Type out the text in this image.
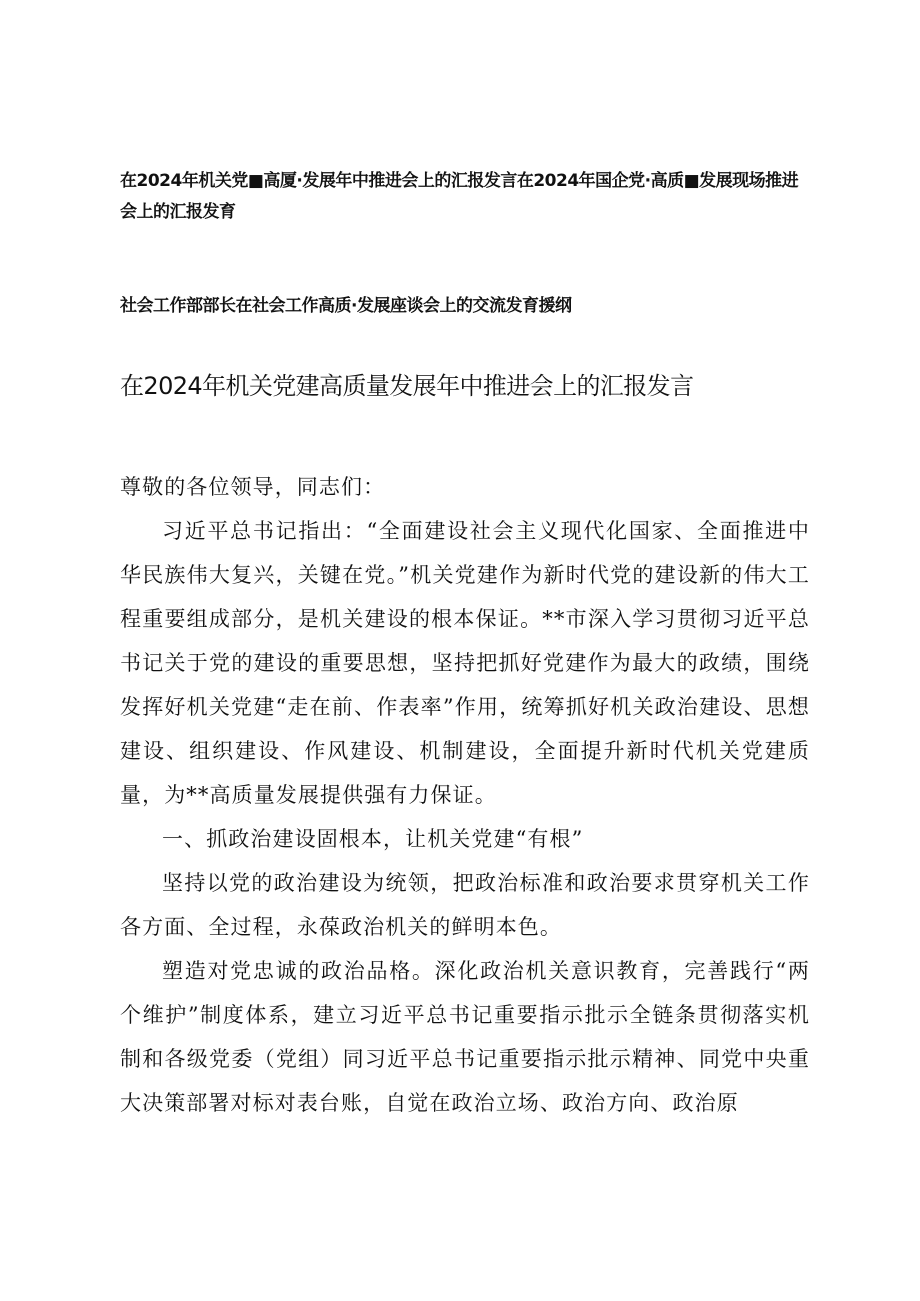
在2024年机关党■高厦·发展年中推进会上的汇报发言在2024年国企党·高质■发展现场推进会上的汇报发育

社会工作部部长在社会工作高质·发展座谈会上的交流发育援纲

在2024年机关党建高质量发展年中推进会上的汇报发言

尊敬的各位领导，同志们：

习近平总书记指出：“全面建设社会主义现代化国家、全面推进中华民族伟大复兴，关键在党。”机关党建作为新时代党的建设新的伟大工程重要组成部分，是机关建设的根本保证。**市深入学习贯彻习近平总书记关于党的建设的重要思想，坚持把抓好党建作为最大的政绩，围绕发挥好机关党建“走在前、作表率”作用，统筹抓好机关政治建设、思想建设、组织建设、作风建设、机制建设，全面提升新时代机关党建质量，为**高质量发展提供强有力保证。

一、抓政治建设固根本，让机关党建“有根”

坚持以党的政治建设为统领，把政治标准和政治要求贯穿机关工作各方面、全过程，永葆政治机关的鲜明本色。

塑造对党忠诚的政治品格。深化政治机关意识教育，完善践行“两个维护”制度体系，建立习近平总书记重要指示批示全链条贯彻落实机制和各级党委（党组）同习近平总书记重要指示批示精神、同党中央重大决策部署对标对表台账，自觉在政治立场、政治方向、政治原
